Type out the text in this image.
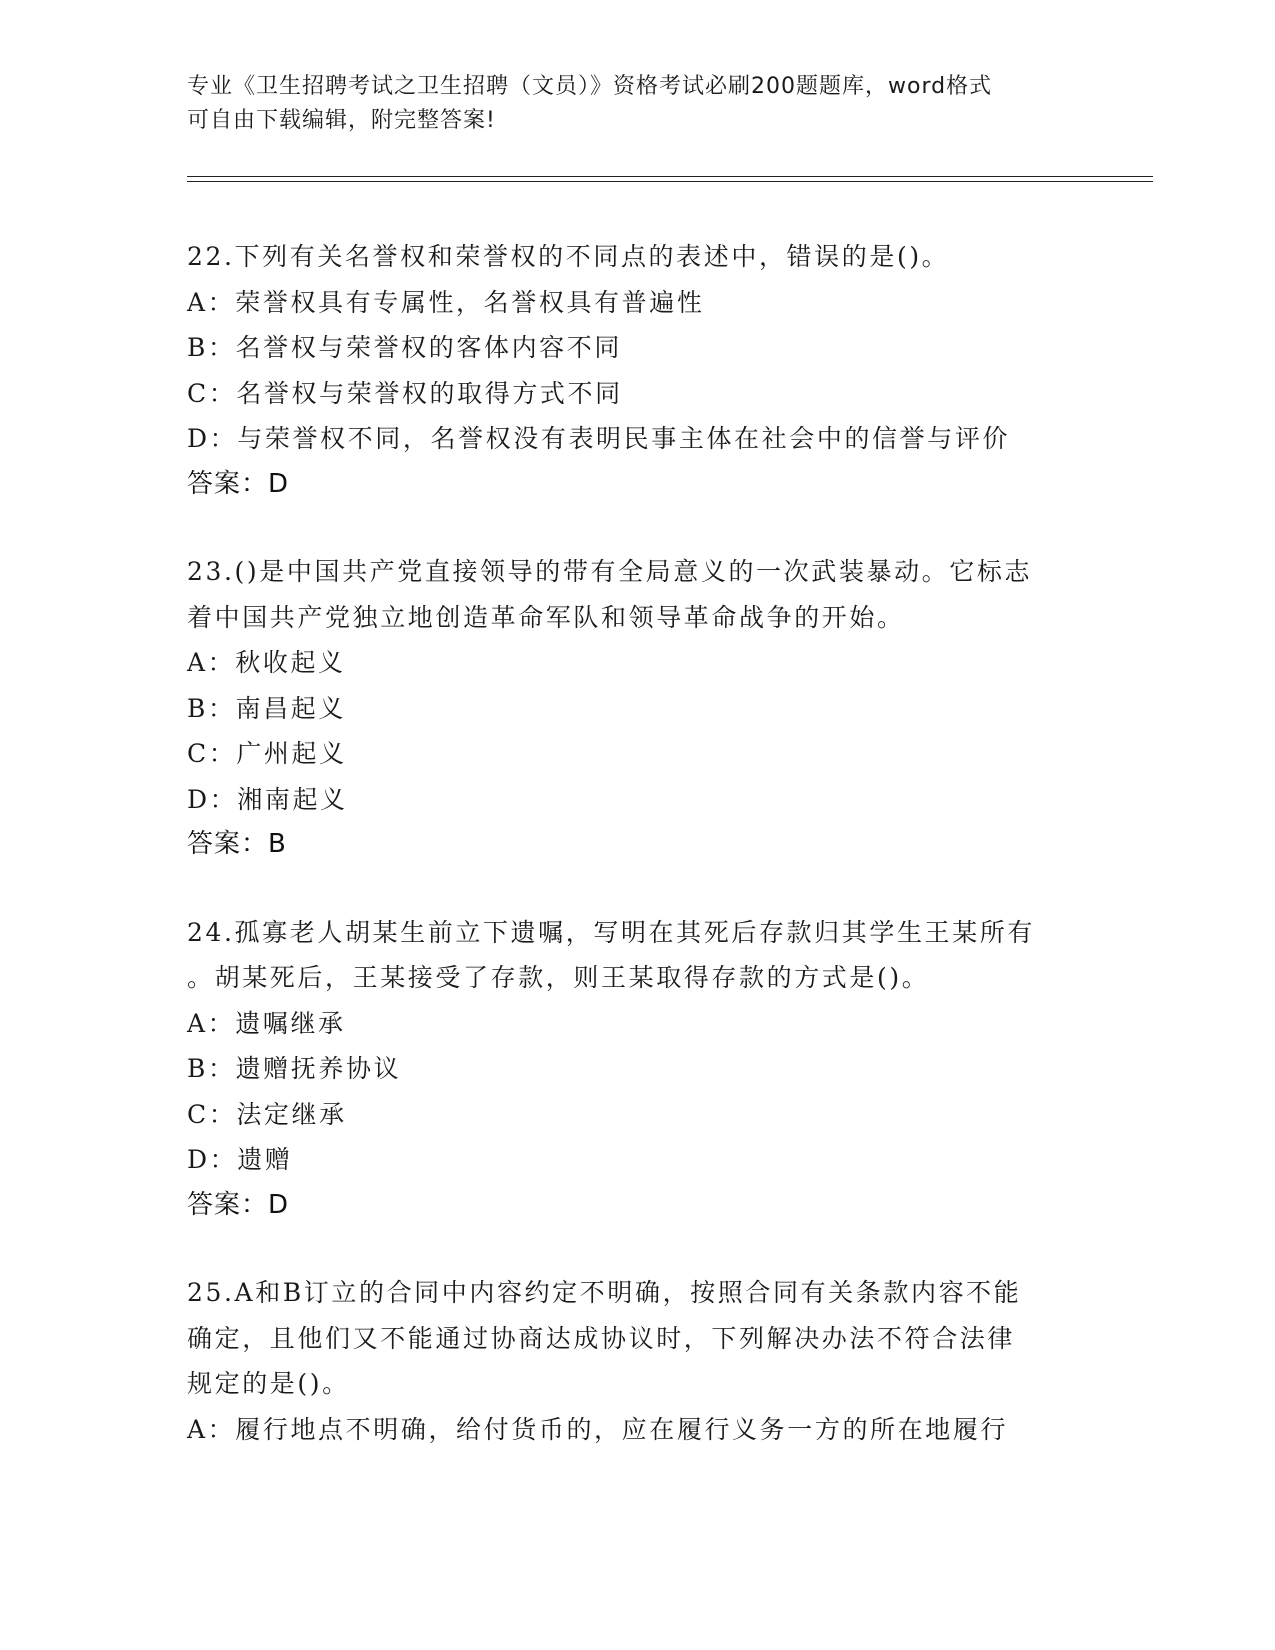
专业《卫生招聘考试之卫生招聘（文员）》资格考试必刷200题题库，word格式
可自由下载编辑，附完整答案!
22.下列有关名誉权和荣誉权的不同点的表述中，错误的是()。
A：荣誉权具有专属性，名誉权具有普遍性
B：名誉权与荣誉权的客体内容不同
C：名誉权与荣誉权的取得方式不同
D：与荣誉权不同，名誉权没有表明民事主体在社会中的信誉与评价
答案：D
23.()是中国共产党直接领导的带有全局意义的一次武装暴动。它标志
着中国共产党独立地创造革命军队和领导革命战争的开始。
A：秋收起义
B：南昌起义
C：广州起义
D：湘南起义
答案：B
24.孤寡老人胡某生前立下遗嘱，写明在其死后存款归其学生王某所有
。胡某死后，王某接受了存款，则王某取得存款的方式是()。
A：遗嘱继承
B：遗赠抚养协议
C：法定继承
D：遗赠
答案：D
25.A和B订立的合同中内容约定不明确，按照合同有关条款内容不能
确定，且他们又不能通过协商达成协议时，下列解决办法不符合法律
规定的是()。
A：履行地点不明确，给付货币的，应在履行义务一方的所在地履行
